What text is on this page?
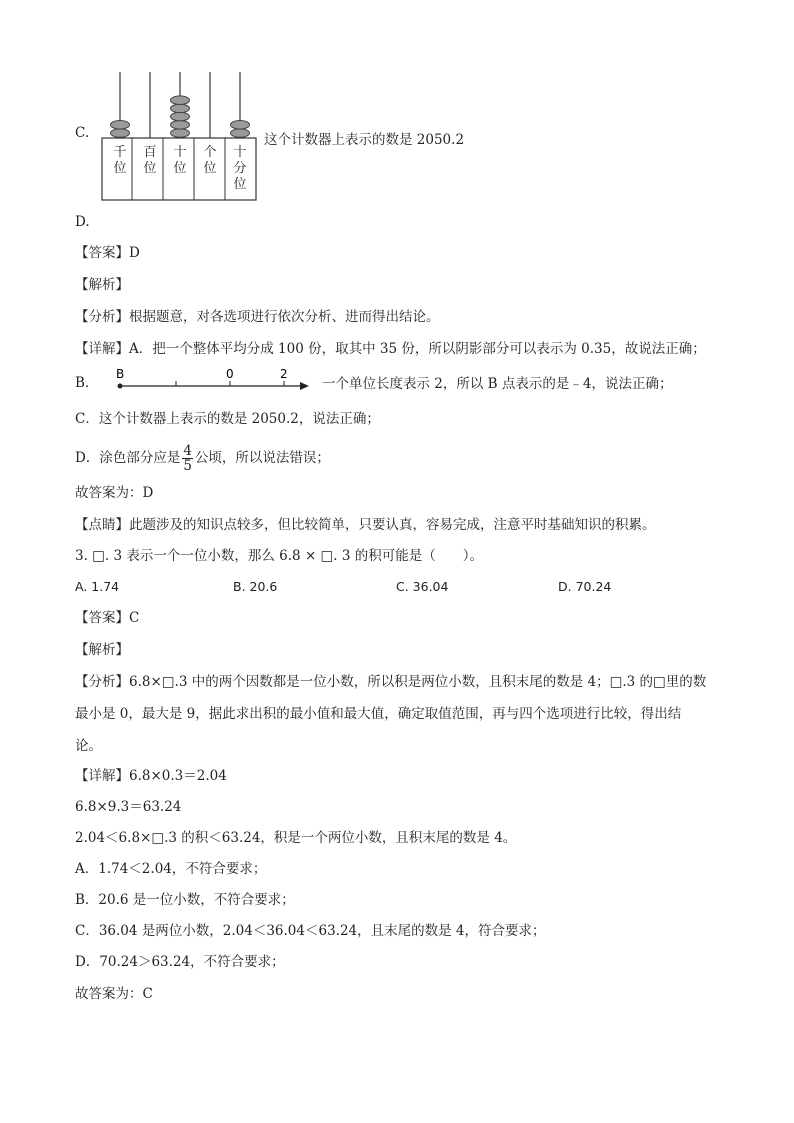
C.
千
位
百
位
十
位
个
位
十
分
位
这个计数器上表示的数是 2050.2
D.
【答案】D
【解析】
【分析】根据题意，对各选项进行依次分析、进而得出结论。
【详解】A．把一个整体平均分成 100 份，取其中 35 份，所以阴影部分可以表示为 0.35，故说法正确；
B．
B	0	2
一个单位长度表示 2，所以 B 点表示的是﹣4，说法正确；
C．这个计数器上表示的数是 2050.2，说法正确；
D．涂色部分应是 $\frac{4}{5}$ 公顷，所以说法错误；
故答案为：D
【点睛】此题涉及的知识点较多，但比较简单，只要认真，容易完成，注意平时基础知识的积累。
3. □. 3 表示一个一位小数，那么 6.8 × □. 3 的积可能是（　　）。
A. 1.74	B. 20.6	C. 36.04	D. 70.24
【答案】C
【解析】
【分析】6.8×□.3 中的两个因数都是一位小数，所以积是两位小数，且积末尾的数是 4；□.3 的□里的数
最小是 0，最大是 9，据此求出积的最小值和最大值，确定取值范围，再与四个选项进行比较，得出结
论。
【详解】6.8×0.3＝2.04
6.8×9.3＝63.24
2.04＜6.8×□.3 的积＜63.24，积是一个两位小数，且积末尾的数是 4。
A．1.74＜2.04，不符合要求；
B．20.6 是一位小数，不符合要求；
C．36.04 是两位小数，2.04＜36.04＜63.24，且末尾的数是 4，符合要求；
D．70.24＞63.24，不符合要求；
故答案为：C
